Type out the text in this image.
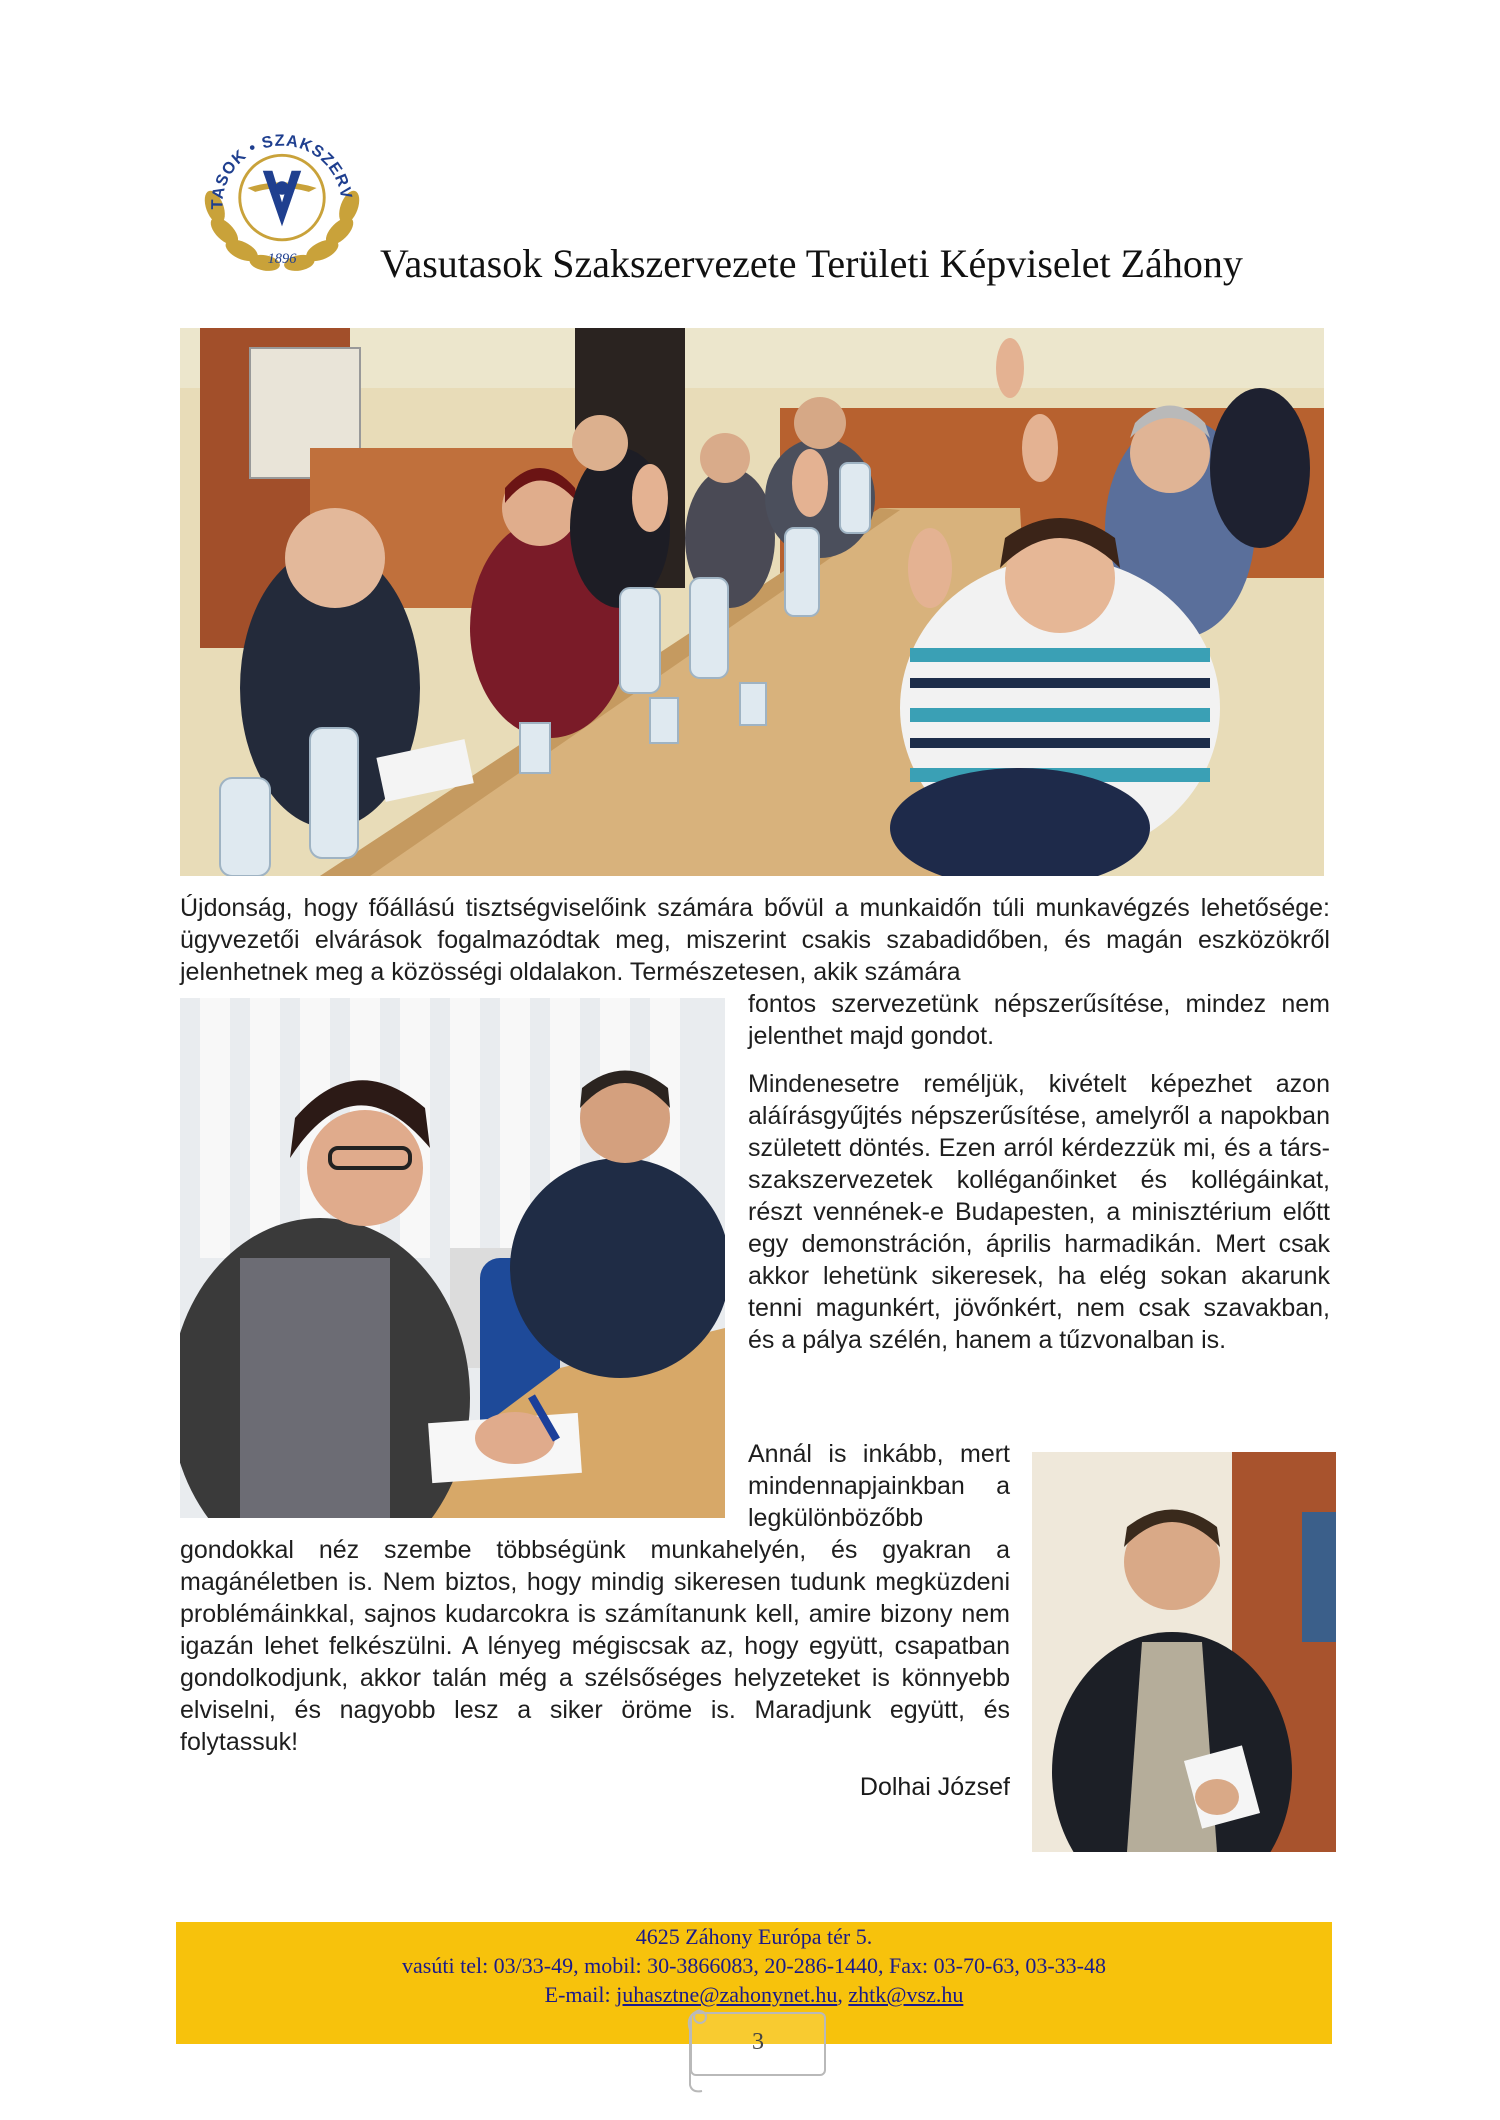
TASOK • SZAKSZERV
1896 Vasutasok Szakszervezete Területi Képviselet Záhony
Újdonság, hogy főállású tisztségviselőink számára bővül a munkaidőn túli munkavégzés lehetősége: ügyvezetői elvárások fogalmazódtak meg, miszerint csakis szabadidőben, és magán eszközökről jelenhetnek meg a közösségi oldalakon. Természetesen, akik számára
fontos szervezetünk népszerűsítése, mindez nem jelenthet majd gondot.
Mindenesetre reméljük, kivételt képezhet azon aláírásgyűjtés népszerűsítése, amelyről a napokban született döntés. Ezen arról kérdezzük mi, és a társ-szakszervezetek kolléganőinket és kollégáinkat, részt vennének-e Budapesten, a minisztérium előtt egy demonstráción, április harmadikán. Mert csak akkor lehetünk sikeresek, ha elég sokan akarunk tenni magunkért, jövőnkért, nem csak szavakban, és a pálya szélén, hanem a tűzvonalban is.
Annál is inkább, mert mindennapjainkban a legkülönbözőbb
gondokkal néz szembe többségünk munkahelyén, és gyakran a magánéletben is. Nem biztos, hogy mindig sikeresen tudunk megküzdeni problémáinkkal, sajnos kudarcokra is számítanunk kell, amire bizony nem igazán lehet felkészülni. A lényeg mégiscsak az, hogy együtt, csapatban gondolkodjunk, akkor talán még a szélsőséges helyzeteket is könnyebb elviselni, és nagyobb lesz a siker öröme is. Maradjunk együtt, és folytassuk!
Dolhai József
4625 Záhony Európa tér 5.
vasúti tel: 03/33-49, mobil: 30-3866083, 20-286-1440, Fax: 03-70-63, 03-33-48
E-mail: juhasztne@zahonynet.hu, zhtk@vsz.hu
3
